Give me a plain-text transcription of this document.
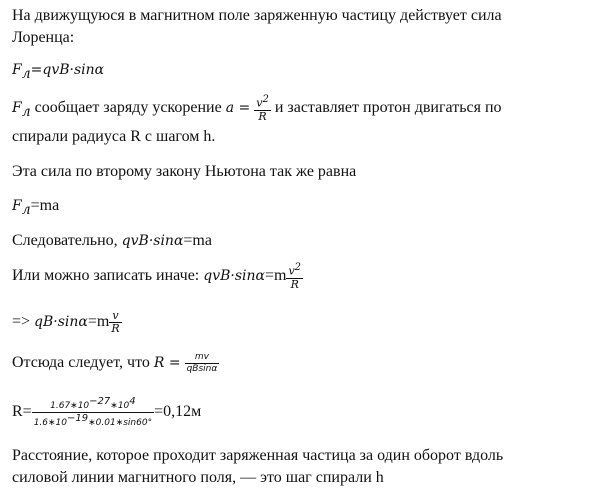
На движущуюся в магнитном поле заряженную частицу действует сила
Лоренца:
$F_л=qvB\cdot\sin\alpha$
$F_л$ сообщает заряду ускорение $a = \frac{v^2}{R}$ и заставляет протон двигаться по
спирали радиуса R с шагом h.
Эта сила по второму закону Ньютона так же равна
$F_л=ma$
Следовательно, qvB·sinα=ma
Или можно записать иначе: $qvB\cdot\sin\alpha=m \frac{v^2}{R}$
=> $qB\cdot\sin\alpha=m \frac{v}{R}$
Отсюда следует, что $R = \frac{mv}{qBsin\alpha}$
$R= \frac{1.67∗10^{-27}∗10^4}{1.6∗10^{-19}∗0.01∗\sin 60^\circ} =0,12м$
Расстояние, которое проходит заряженная частица за один оборот вдоль
силовой линии магнитного поля, — это шаг спирали h
